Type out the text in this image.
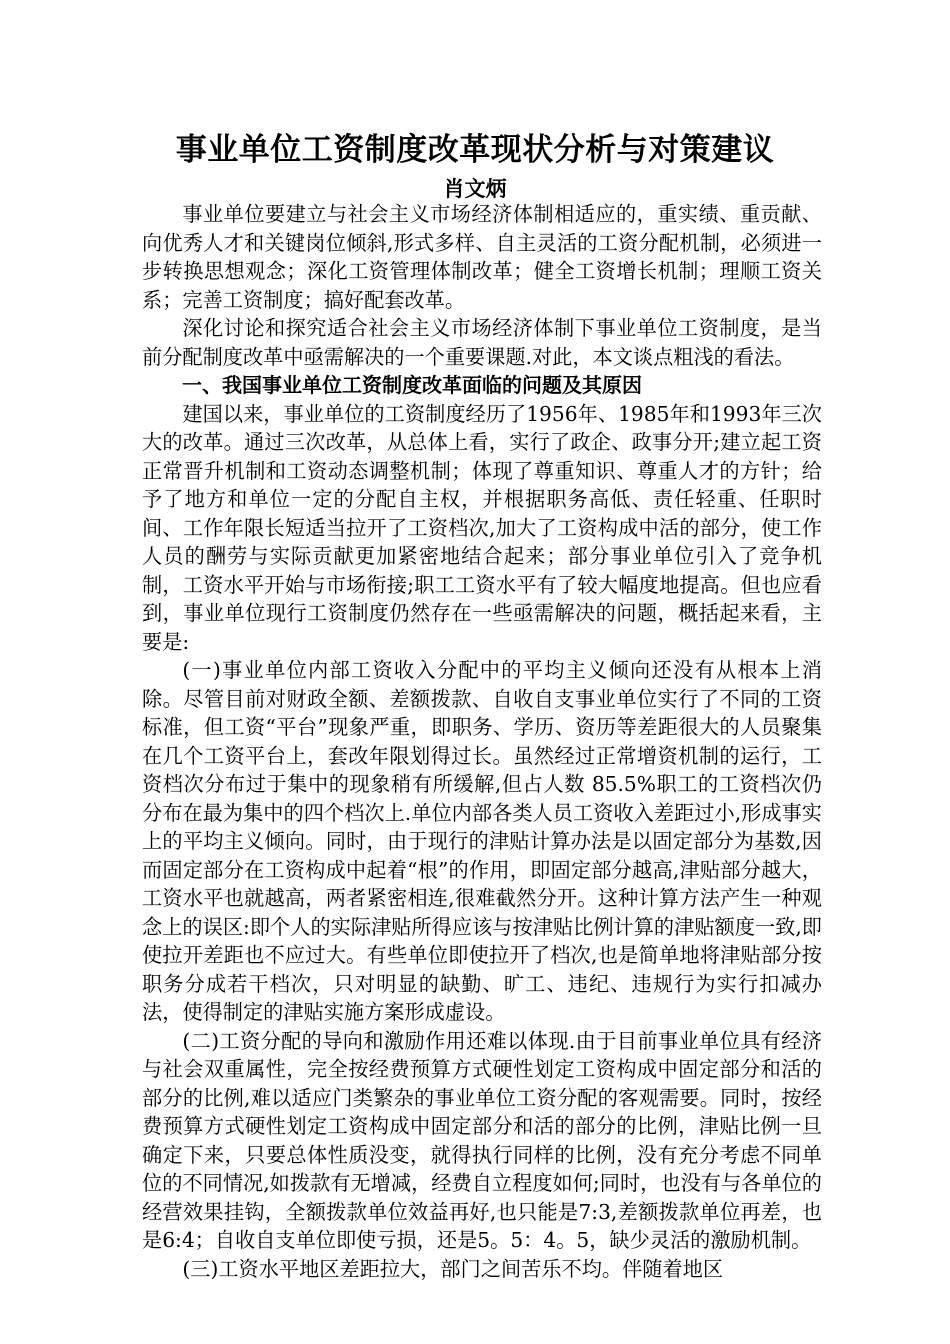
事业单位工资制度改革现状分析与对策建议
肖文炳

事业单位要建立与社会主义市场经济体制相适应的，重实绩、重贡献、向优秀人才和关键岗位倾斜,形式多样、自主灵活的工资分配机制，必须进一步转换思想观念；深化工资管理体制改革；健全工资增长机制；理顺工资关系；完善工资制度；搞好配套改革。

深化讨论和探究适合社会主义市场经济体制下事业单位工资制度，是当前分配制度改革中亟需解决的一个重要课题.对此，本文谈点粗浅的看法。

一、我国事业单位工资制度改革面临的问题及其原因

建国以来，事业单位的工资制度经历了1956年、1985年和1993年三次大的改革。通过三次改革，从总体上看，实行了政企、政事分开;建立起工资正常晋升机制和工资动态调整机制；体现了尊重知识、尊重人才的方针；给予了地方和单位一定的分配自主权，并根据职务高低、责任轻重、任职时间、工作年限长短适当拉开了工资档次,加大了工资构成中活的部分，使工作人员的酬劳与实际贡献更加紧密地结合起来；部分事业单位引入了竞争机制，工资水平开始与市场衔接;职工工资水平有了较大幅度地提高。但也应看到，事业单位现行工资制度仍然存在一些亟需解决的问题，概括起来看，主要是:

(一)事业单位内部工资收入分配中的平均主义倾向还没有从根本上消除。尽管目前对财政全额、差额拨款、自收自支事业单位实行了不同的工资标准，但工资“平台”现象严重，即职务、学历、资历等差距很大的人员聚集在几个工资平台上，套改年限划得过长。虽然经过正常增资机制的运行，工资档次分布过于集中的现象稍有所缓解,但占人数 85.5%职工的工资档次仍分布在最为集中的四个档次上.单位内部各类人员工资收入差距过小,形成事实上的平均主义倾向。同时，由于现行的津贴计算办法是以固定部分为基数,因而固定部分在工资构成中起着“根”的作用，即固定部分越高,津贴部分越大，工资水平也就越高，两者紧密相连,很难截然分开。这种计算方法产生一种观念上的误区:即个人的实际津贴所得应该与按津贴比例计算的津贴额度一致,即使拉开差距也不应过大。有些单位即使拉开了档次,也是简单地将津贴部分按职务分成若干档次，只对明显的缺勤、旷工、违纪、违规行为实行扣减办法，使得制定的津贴实施方案形成虚设。

(二)工资分配的导向和激励作用还难以体现.由于目前事业单位具有经济与社会双重属性，完全按经费预算方式硬性划定工资构成中固定部分和活的部分的比例,难以适应门类繁杂的事业单位工资分配的客观需要。同时，按经费预算方式硬性划定工资构成中固定部分和活的部分的比例，津贴比例一旦确定下来，只要总体性质没变，就得执行同样的比例，没有充分考虑不同单位的不同情况,如拨款有无增减，经费自立程度如何;同时，也没有与各单位的经营效果挂钩，全额拨款单位效益再好,也只能是7:3,差额拨款单位再差，也是6:4；自收自支单位即使亏损，还是5。5：4。5，缺少灵活的激励机制。

(三)工资水平地区差距拉大，部门之间苦乐不均。伴随着地区
